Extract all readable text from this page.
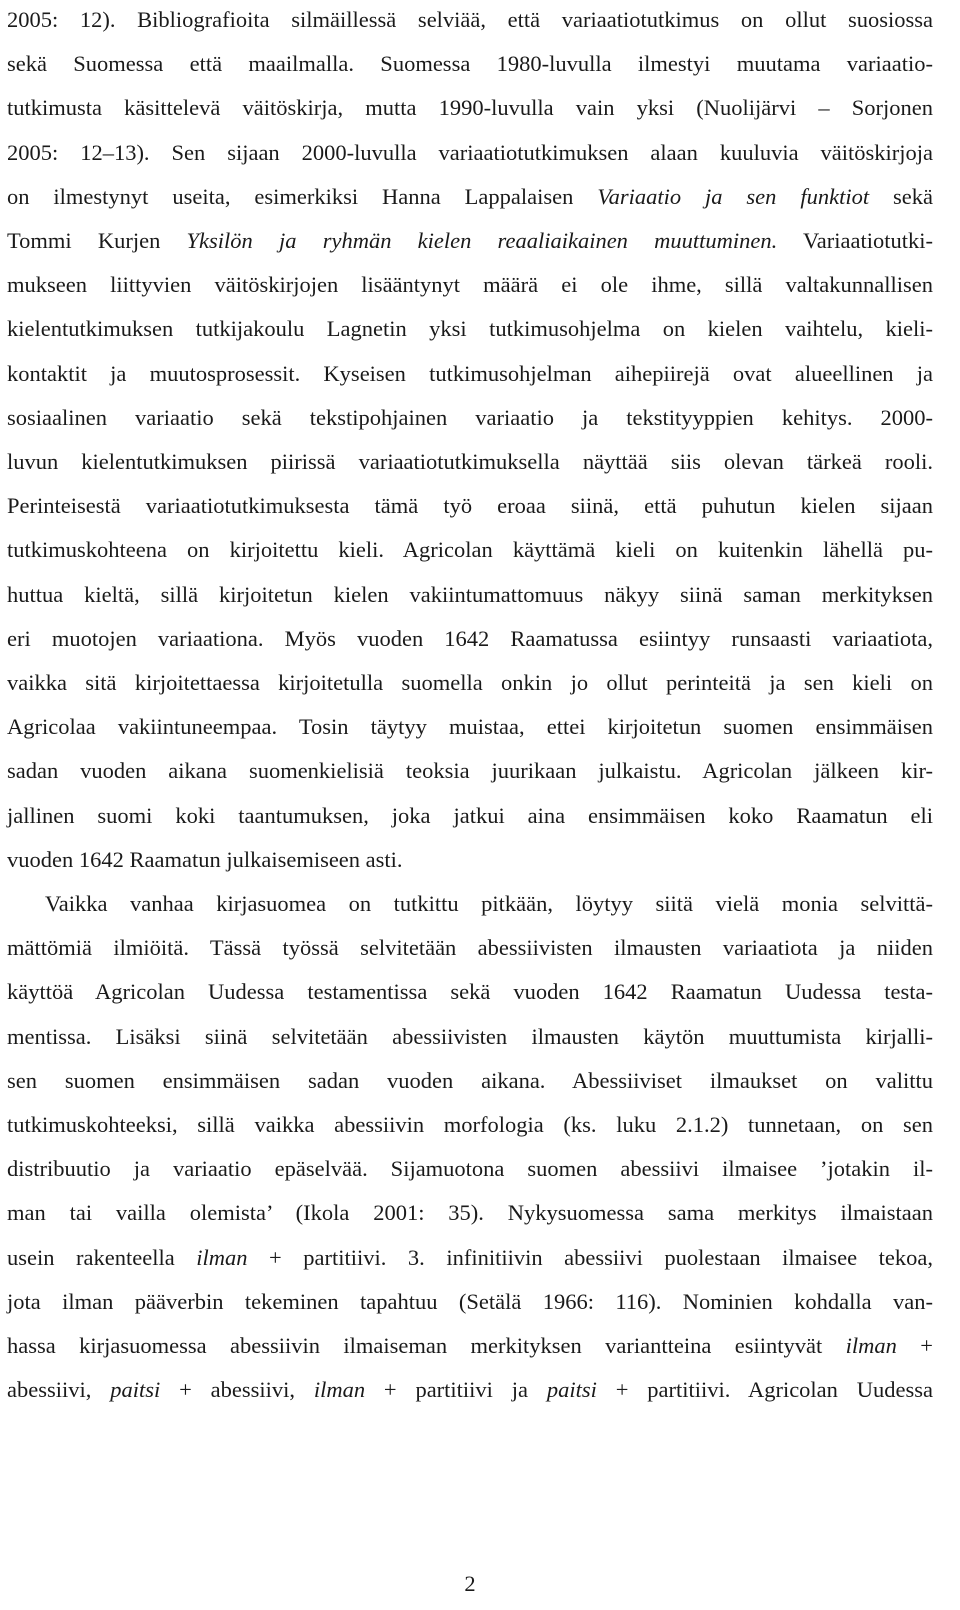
2005: 12). Bibliografioita silmäillessä selviää, että variaatiotutkimus on ollut suosiossa
sekä Suomessa että maailmalla. Suomessa 1980-luvulla ilmestyi muutama variaatio-
tutkimusta käsittelevä väitöskirja, mutta 1990-luvulla vain yksi (Nuolijärvi – Sorjonen
2005: 12–13). Sen sijaan 2000-luvulla variaatiotutkimuksen alaan kuuluvia väitöskirjoja
on ilmestynyt useita, esimerkiksi Hanna Lappalaisen Variaatio ja sen funktiot sekä
Tommi Kurjen Yksilön ja ryhmän kielen reaaliaikainen muuttuminen. Variaatiotutki-
mukseen liittyvien väitöskirjojen lisääntynyt määrä ei ole ihme, sillä valtakunnallisen
kielentutkimuksen tutkijakoulu Lagnetin yksi tutkimusohjelma on kielen vaihtelu, kieli-
kontaktit ja muutosprosessit. Kyseisen tutkimusohjelman aihepiirejä ovat alueellinen ja
sosiaalinen variaatio sekä tekstipohjainen variaatio ja tekstityyppien kehitys. 2000-
luvun kielentutkimuksen piirissä variaatiotutkimuksella näyttää siis olevan tärkeä rooli.
Perinteisestä variaatiotutkimuksesta tämä työ eroaa siinä, että puhutun kielen sijaan
tutkimuskohteena on kirjoitettu kieli. Agricolan käyttämä kieli on kuitenkin lähellä pu-
huttua kieltä, sillä kirjoitetun kielen vakiintumattomuus näkyy siinä saman merkityksen
eri muotojen variaationa. Myös vuoden 1642 Raamatussa esiintyy runsaasti variaatiota,
vaikka sitä kirjoitettaessa kirjoitetulla suomella onkin jo ollut perinteitä ja sen kieli on
Agricolaa vakiintuneempaa. Tosin täytyy muistaa, ettei kirjoitetun suomen ensimmäisen
sadan vuoden aikana suomenkielisiä teoksia juurikaan julkaistu. Agricolan jälkeen kir-
jallinen suomi koki taantumuksen, joka jatkui aina ensimmäisen koko Raamatun eli
vuoden 1642 Raamatun julkaisemiseen asti.
Vaikka vanhaa kirjasuomea on tutkittu pitkään, löytyy siitä vielä monia selvittä-
mättömiä ilmiöitä. Tässä työssä selvitetään abessiivisten ilmausten variaatiota ja niiden
käyttöä Agricolan Uudessa testamentissa sekä vuoden 1642 Raamatun Uudessa testa-
mentissa. Lisäksi siinä selvitetään abessiivisten ilmausten käytön muuttumista kirjalli-
sen suomen ensimmäisen sadan vuoden aikana. Abessiiviset ilmaukset on valittu
tutkimuskohteeksi, sillä vaikka abessiivin morfologia (ks. luku 2.1.2) tunnetaan, on sen
distribuutio ja variaatio epäselvää. Sijamuotona suomen abessiivi ilmaisee ’jotakin il-
man tai vailla olemista’ (Ikola 2001: 35). Nykysuomessa sama merkitys ilmaistaan
usein rakenteella ilman + partitiivi. 3. infinitiivin abessiivi puolestaan ilmaisee tekoa,
jota ilman pääverbin tekeminen tapahtuu (Setälä 1966: 116). Nominien kohdalla van-
hassa kirjasuomessa abessiivin ilmaiseman merkityksen variantteina esiintyvät ilman +
abessiivi, paitsi + abessiivi, ilman + partitiivi ja paitsi + partitiivi. Agricolan Uudessa
2
